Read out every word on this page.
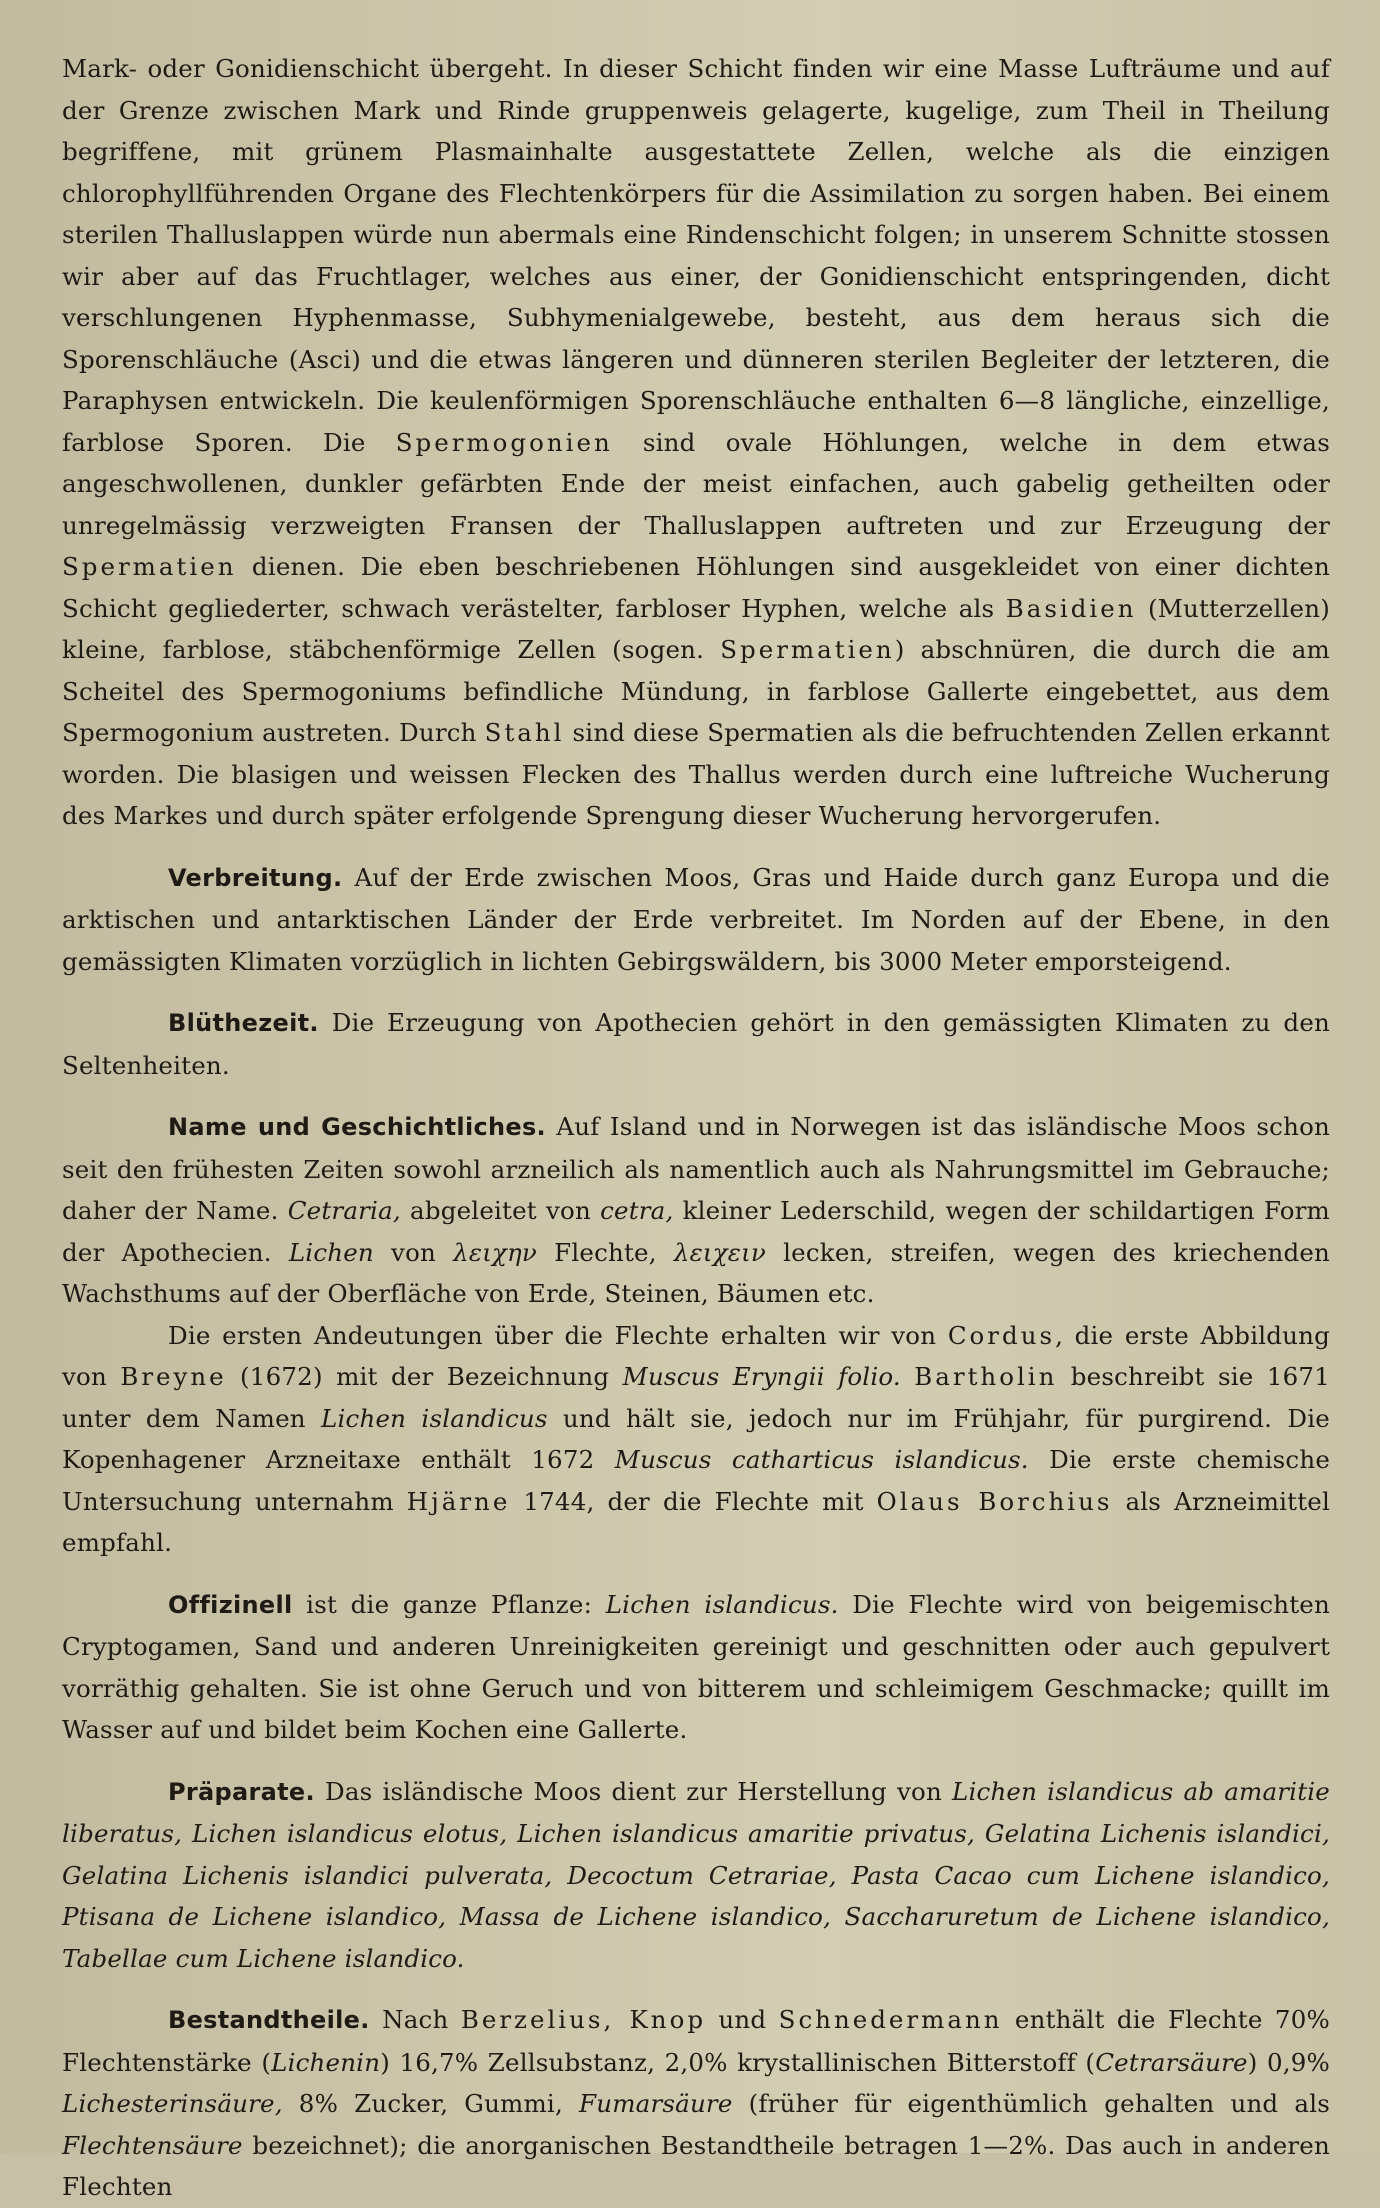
Mark- oder Gonidienschicht übergeht. In dieser Schicht finden wir eine Masse Lufträume und auf der Grenze zwischen Mark und Rinde gruppenweis gelagerte, kugelige, zum Theil in Theilung begriffene, mit grünem Plasmainhalte ausgestattete Zellen, welche als die einzigen chlorophyllführenden Organe des Flechtenkörpers für die Assimilation zu sorgen haben. Bei einem sterilen Thalluslappen würde nun abermals eine Rindenschicht folgen; in unserem Schnitte stossen wir aber auf das Fruchtlager, welches aus einer, der Gonidienschicht entspringenden, dicht verschlungenen Hyphenmasse, Subhymenialgewebe, besteht, aus dem heraus sich die Sporenschläuche (Asci) und die etwas längeren und dünneren sterilen Begleiter der letzteren, die Paraphysen entwickeln. Die keulenförmigen Sporenschläuche enthalten 6—8 längliche, einzellige, farblose Sporen. Die Spermogonien sind ovale Höhlungen, welche in dem etwas angeschwollenen, dunkler gefärbten Ende der meist einfachen, auch gabelig getheilten oder unregelmässig verzweigten Fransen der Thalluslappen auftreten und zur Erzeugung der Spermatien dienen. Die eben beschriebenen Höhlungen sind ausgekleidet von einer dichten Schicht gegliederter, schwach verästelter, farbloser Hyphen, welche als Basidien (Mutterzellen) kleine, farblose, stäbchenförmige Zellen (sogen. Spermatien) abschnüren, die durch die am Scheitel des Spermogoniums befindliche Mündung, in farblose Gallerte eingebettet, aus dem Spermogonium austreten. Durch Stahl sind diese Spermatien als die befruchtenden Zellen erkannt worden. Die blasigen und weissen Flecken des Thallus werden durch eine luftreiche Wucherung des Markes und durch später erfolgende Sprengung dieser Wucherung hervorgerufen.

Verbreitung. Auf der Erde zwischen Moos, Gras und Haide durch ganz Europa und die arktischen und antarktischen Länder der Erde verbreitet. Im Norden auf der Ebene, in den gemässigten Klimaten vorzüglich in lichten Gebirgswäldern, bis 3000 Meter emporsteigend.

Blüthezeit. Die Erzeugung von Apothecien gehört in den gemässigten Klimaten zu den Seltenheiten.

Name und Geschichtliches. Auf Island und in Norwegen ist das isländische Moos schon seit den frühesten Zeiten sowohl arzneilich als namentlich auch als Nahrungsmittel im Gebrauche; daher der Name. Cetraria, abgeleitet von cetra, kleiner Lederschild, wegen der schildartigen Form der Apothecien. Lichen von λειχην Flechte, λειχειν lecken, streifen, wegen des kriechenden Wachsthums auf der Oberfläche von Erde, Steinen, Bäumen etc.

Die ersten Andeutungen über die Flechte erhalten wir von Cordus, die erste Abbildung von Breyne (1672) mit der Bezeichnung Muscus Eryngii folio. Bartholin beschreibt sie 1671 unter dem Namen Lichen islandicus und hält sie, jedoch nur im Frühjahr, für purgirend. Die Kopenhagener Arzneitaxe enthält 1672 Muscus catharticus islandicus. Die erste chemische Untersuchung unternahm Hjärne 1744, der die Flechte mit Olaus Borchius als Arzneimittel empfahl.

Offizinell ist die ganze Pflanze: Lichen islandicus. Die Flechte wird von beigemischten Cryptogamen, Sand und anderen Unreinigkeiten gereinigt und geschnitten oder auch gepulvert vorräthig gehalten. Sie ist ohne Geruch und von bitterem und schleimigem Geschmacke; quillt im Wasser auf und bildet beim Kochen eine Gallerte.

Präparate. Das isländische Moos dient zur Herstellung von Lichen islandicus ab amaritie liberatus, Lichen islandicus elotus, Lichen islandicus amaritie privatus, Gelatina Lichenis islandici, Gelatina Lichenis islandici pulverata, Decoctum Cetrariae, Pasta Cacao cum Lichene islandico, Ptisana de Lichene islandico, Massa de Lichene islandico, Saccharuretum de Lichene islandico, Tabellae cum Lichene islandico.

Bestandtheile. Nach Berzelius, Knop und Schnedermann enthält die Flechte 70% Flechtenstärke (Lichenin) 16,7% Zellsubstanz, 2,0% krystallinischen Bitterstoff (Cetrarsäure) 0,9% Lichesterinsäure, 8% Zucker, Gummi, Fumarsäure (früher für eigenthümlich gehalten und als Flechtensäure bezeichnet); die anorganischen Bestandtheile betragen 1—2%. Das auch in anderen Flechten
